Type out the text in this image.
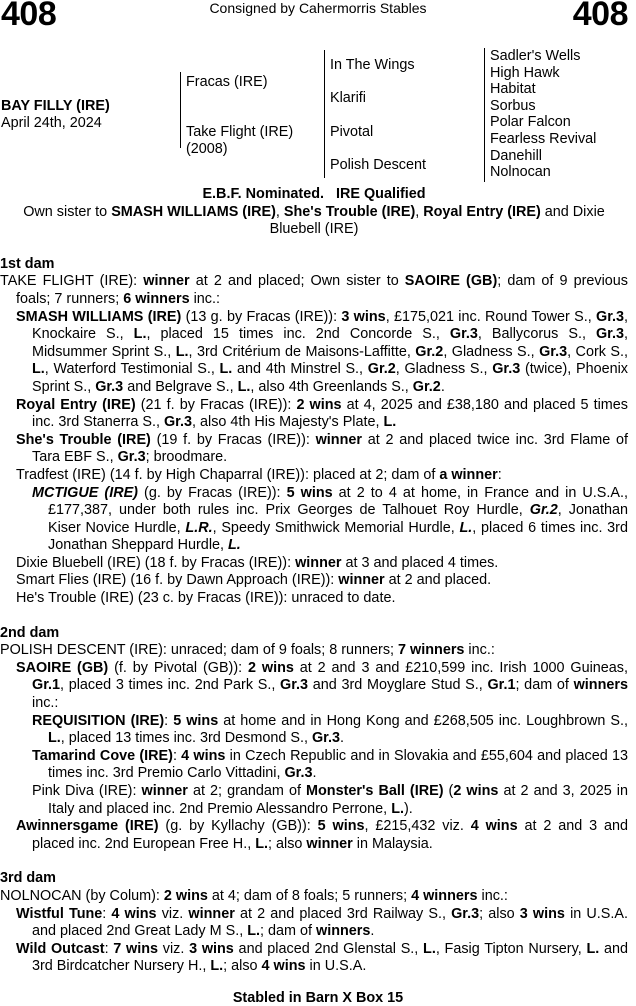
408	Consigned by Cahermorris Stables	408
BAY FILLY (IRE)
April 24th, 2024
Fracas (IRE)
Take Flight (IRE)
(2008)
In The Wings
Klarifi
Pivotal
Polish Descent
Sadler's Wells
High Hawk
Habitat
Sorbus
Polar Falcon
Fearless Revival
Danehill
Nolnocan
E.B.F. Nominated.   IRE Qualified
Own sister to SMASH WILLIAMS (IRE), She's Trouble (IRE), Royal Entry (IRE) and Dixie Bluebell (IRE)
1st dam
TAKE FLIGHT (IRE): winner at 2 and placed; Own sister to SAOIRE (GB); dam of 9 previous foals; 7 runners; 6 winners inc.:
SMASH WILLIAMS (IRE) (13 g. by Fracas (IRE)): 3 wins, £175,021 inc. Round Tower S., Gr.3, Knockaire S., L., placed 15 times inc. 2nd Concorde S., Gr.3, Ballycorus S., Gr.3, Midsummer Sprint S., L., 3rd Critérium de Maisons-Laffitte, Gr.2, Gladness S., Gr.3, Cork S., L., Waterford Testimonial S., L. and 4th Minstrel S., Gr.2, Gladness S., Gr.3 (twice), Phoenix Sprint S., Gr.3 and Belgrave S., L., also 4th Greenlands S., Gr.2.
Royal Entry (IRE) (21 f. by Fracas (IRE)): 2 wins at 4, 2025 and £38,180 and placed 5 times inc. 3rd Stanerra S., Gr.3, also 4th His Majesty's Plate, L.
She's Trouble (IRE) (19 f. by Fracas (IRE)): winner at 2 and placed twice inc. 3rd Flame of Tara EBF S., Gr.3; broodmare.
Tradfest (IRE) (14 f. by High Chaparral (IRE)): placed at 2; dam of a winner:
MCTIGUE (IRE) (g. by Fracas (IRE)): 5 wins at 2 to 4 at home, in France and in U.S.A., £177,387, under both rules inc. Prix Georges de Talhouet Roy Hurdle, Gr.2, Jonathan Kiser Novice Hurdle, L.R., Speedy Smithwick Memorial Hurdle, L., placed 6 times inc. 3rd Jonathan Sheppard Hurdle, L.
Dixie Bluebell (IRE) (18 f. by Fracas (IRE)): winner at 3 and placed 4 times.
Smart Flies (IRE) (16 f. by Dawn Approach (IRE)): winner at 2 and placed.
He's Trouble (IRE) (23 c. by Fracas (IRE)): unraced to date.
2nd dam
POLISH DESCENT (IRE): unraced; dam of 9 foals; 8 runners; 7 winners inc.:
SAOIRE (GB) (f. by Pivotal (GB)): 2 wins at 2 and 3 and £210,599 inc. Irish 1000 Guineas, Gr.1, placed 3 times inc. 2nd Park S., Gr.3 and 3rd Moyglare Stud S., Gr.1; dam of winners inc.:
REQUISITION (IRE): 5 wins at home and in Hong Kong and £268,505 inc. Loughbrown S., L., placed 13 times inc. 3rd Desmond S., Gr.3.
Tamarind Cove (IRE): 4 wins in Czech Republic and in Slovakia and £55,604 and placed 13 times inc. 3rd Premio Carlo Vittadini, Gr.3.
Pink Diva (IRE): winner at 2; grandam of Monster's Ball (IRE) (2 wins at 2 and 3, 2025 in Italy and placed inc. 2nd Premio Alessandro Perrone, L.).
Awinnersgame (IRE) (g. by Kyllachy (GB)): 5 wins, £215,432 viz. 4 wins at 2 and 3 and placed inc. 2nd European Free H., L.; also winner in Malaysia.
3rd dam
NOLNOCAN (by Colum): 2 wins at 4; dam of 8 foals; 5 runners; 4 winners inc.:
Wistful Tune: 4 wins viz. winner at 2 and placed 3rd Railway S., Gr.3; also 3 wins in U.S.A. and placed 2nd Great Lady M S., L.; dam of winners.
Wild Outcast: 7 wins viz. 3 wins and placed 2nd Glenstal S., L., Fasig Tipton Nursery, L. and 3rd Birdcatcher Nursery H., L.; also 4 wins in U.S.A.
Stabled in Barn X Box 15
